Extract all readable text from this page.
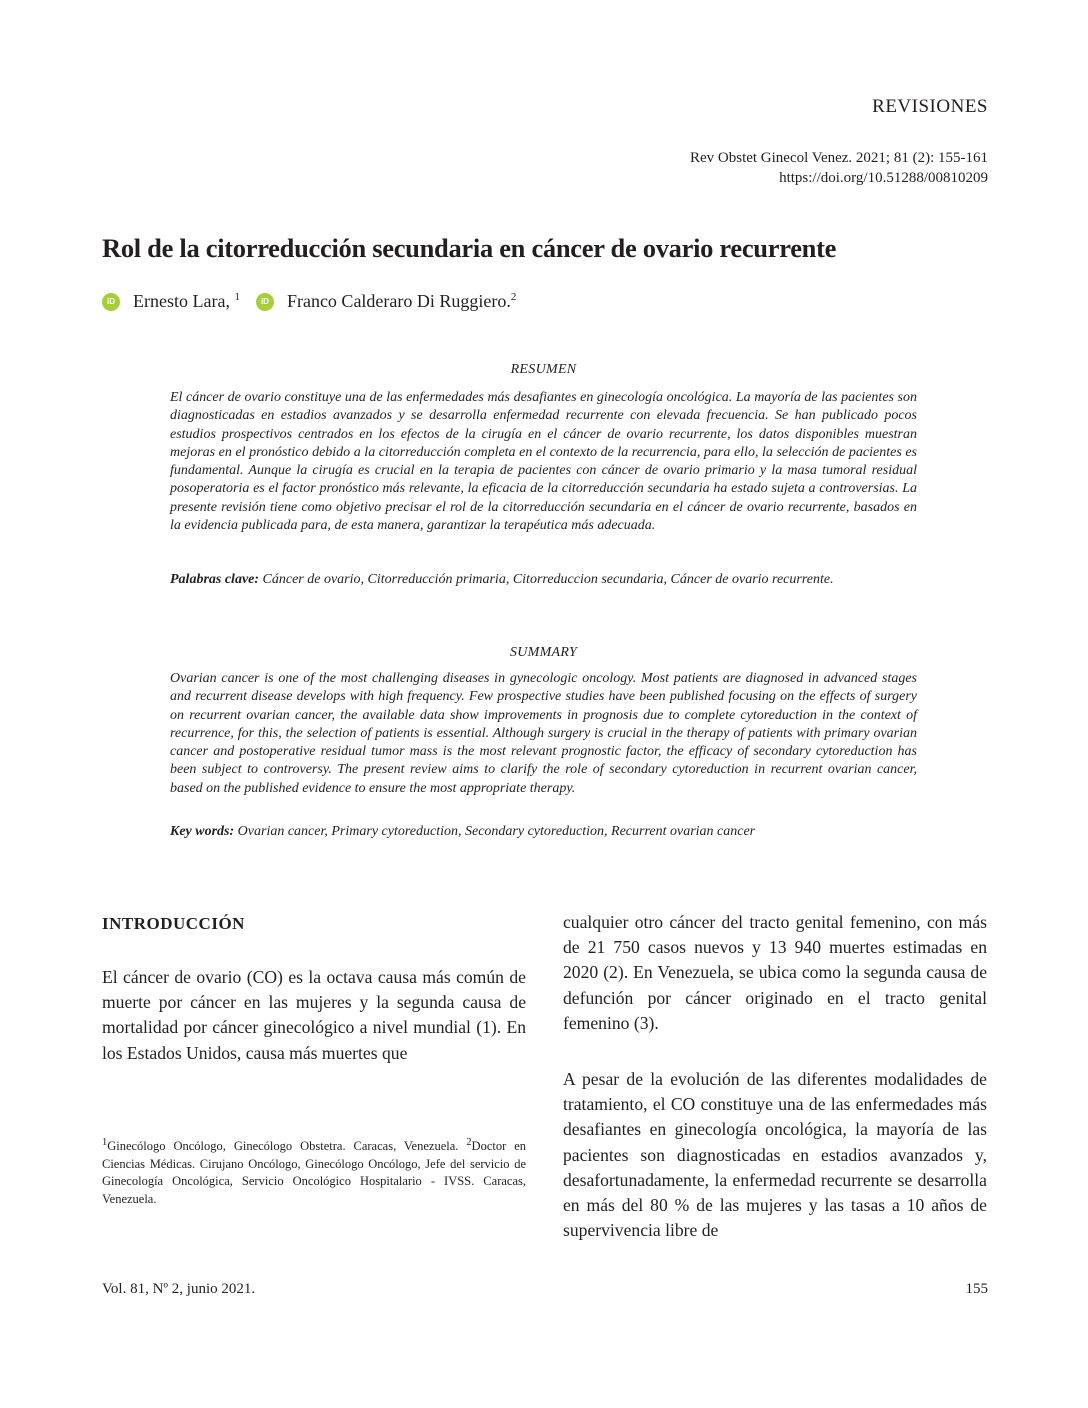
REVISIONES
Rev Obstet Ginecol Venez. 2021; 81 (2): 155-161
https://doi.org/10.51288/00810209
Rol de la citorreducción secundaria en cáncer de ovario recurrente
iD Ernesto Lara, $^1$	iD Franco Calderaro Di Ruggiero.$^2$
RESUMEN

El cáncer de ovario constituye una de las enfermedades más desafiantes en ginecología oncológica. La mayoría de las pacientes son diagnosticadas en estadios avanzados y se desarrolla enfermedad recurrente con elevada frecuencia. Se han publicado pocos estudios prospectivos centrados en los efectos de la cirugía en el cáncer de ovario recurrente, los datos disponibles muestran mejoras en el pronóstico debido a la citorreducción completa en el contexto de la recurrencia, para ello, la selección de pacientes es fundamental. Aunque la cirugía es crucial en la terapia de pacientes con cáncer de ovario primario y la masa tumoral residual posoperatoria es el factor pronóstico más relevante, la eficacia de la citorreducción secundaria ha estado sujeta a controversias. La presente revisión tiene como objetivo precisar el rol de la citorreducción secundaria en el cáncer de ovario recurrente, basados en la evidencia publicada para, de esta manera, garantizar la terapéutica más adecuada.

Palabras clave: Cáncer de ovario, Citorreducción primaria, Citorreduccion secundaria, Cáncer de ovario recurrente.

SUMMARY

Ovarian cancer is one of the most challenging diseases in gynecologic oncology. Most patients are diagnosed in advanced stages and recurrent disease develops with high frequency. Few prospective studies have been published focusing on the effects of surgery on recurrent ovarian cancer, the available data show improvements in prognosis due to complete cytoreduction in the context of recurrence, for this, the selection of patients is essential. Although surgery is crucial in the therapy of patients with primary ovarian cancer and postoperative residual tumor mass is the most relevant prognostic factor, the efficacy of secondary cytoreduction has been subject to controversy. The present review aims to clarify the role of secondary cytoreduction in recurrent ovarian cancer, based on the published evidence to ensure the most appropriate therapy.

Key words: Ovarian cancer, Primary cytoreduction, Secondary cytoreduction, Recurrent ovarian cancer

INTRODUCCIÓN

El cáncer de ovario (CO) es la octava causa más común de muerte por cáncer en las mujeres y la segunda causa de mortalidad por cáncer ginecológico a nivel mundial (1). En los Estados Unidos, causa más muertes que

cualquier otro cáncer del tracto genital femenino, con más de 21 750 casos nuevos y 13 940 muertes estimadas en 2020 (2). En Venezuela, se ubica como la segunda causa de defunción por cáncer originado en el tracto genital femenino (3).

A pesar de la evolución de las diferentes modalidades de tratamiento, el CO constituye una de las enfermedades más desafiantes en ginecología oncológica, la mayoría de las pacientes son diagnosticadas en estadios avanzados y, desafortunadamente, la enfermedad recurrente se desarrolla en más del 80 % de las mujeres y las tasas a 10 años de supervivencia libre de

$^1$Ginecólogo Oncólogo, Ginecólogo Obstetra. Caracas, Venezuela. $^2$Doctor en Ciencias Médicas. Cirujano Oncólogo, Ginecólogo Oncólogo, Jefe del servicio de Ginecología Oncológica, Servicio Oncológico Hospitalario - IVSS. Caracas, Venezuela.

Vol. 81, Nº 2, junio 2021.	155
